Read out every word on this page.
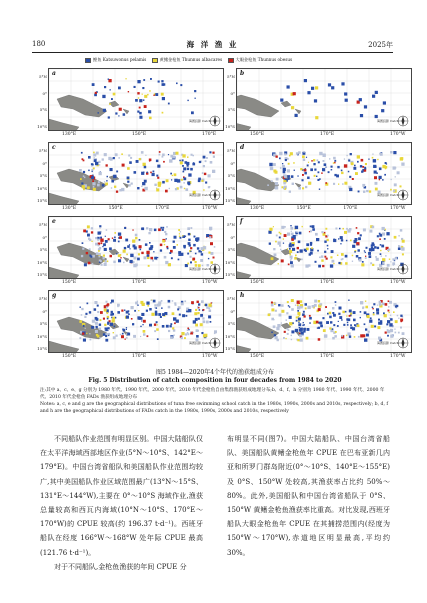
180	海 洋 渔 业	2025年
鲣鱼 Katsuwonus pelamis
	黄鳍金枪鱼 Thunnus albacares
	大眼金枪鱼 Thunnus obesus
a
海图投影 Catch
5°N
0°
5°S
10°S
130°E	150°E	170°E
b
海图投影 Catch
5°N
0°
5°S
10°S
150°E	170°E	170°W
c
海图投影 Catch
5°N
0°
5°S
10°S
15°S
130°E	150°E	170°E	170°W
d
海图投影 Catch
5°N
0°
5°S
10°S
15°S
130°E	150°E	170°E	170°W
e
海图投影 Catch
5°N
0°
5°S
10°S
15°S
150°E	170°E	170°W
f
海图投影 Catch
5°N
0°
5°S
10°S
15°S
150°E	170°E	170°W
g
海图投影 Catch
5°N
0°
5°S
10°S
15°S
150°E	170°E	170°W
h
海图投影 Catch
5°N
0°
5°S
10°S
15°S
150°E	170°E	170°W
图5 1984—2020年4个年代的渔获组成分布
Fig. 5 Distribution of catch composition in four decades from 1984 to 2020
注:其中 a、c、e、g 分别为 1980 年代、1990 年代、2000 年代、2010 年代金枪鱼自由集群渔获组成地理分布;b、d、f、h 分别为 1980 年代、1990 年代、2000 年代、2010 年代金枪鱼 FADs 渔获组成地理分布
Notes: a, c, e and g are the geographical distributions of tuna free swimming school catch in the 1980s, 1990s, 2000s and 2010s, respectively; b, d, f and h are the geographical distributions of FADs catch in the 1980s, 1990s, 2000s and 2010s, respectively

不同船队作业范围有明显区别。中国大陆船队仅在太平洋海域西部地区作业(5°N～10°S、142°E～179°E)。中国台湾省船队和美国船队作业范围均较广,其中美国船队作业区域范围最广(13°N～15°S、131°E～144°W),主要在 0°～10°S 海域作业,渔获总量较高和西瓦内海域(10°N～10°S、170°E～170°W)的 CPUE 较高(约 196.37 t·d⁻¹)。西班牙船队在经度 166°W～168°W 处年际 CPUE 最高(121.76 t·d⁻¹)。

对于不同船队,金枪鱼渔获的年间 CPUE 分

布明显不同(图7)。中国大陆船队、中国台湾省船队、美国船队黄鳍金枪鱼年 CPUE 在巴布亚新几内亚和所罗门群岛附近(0°～10°S、140°E～155°E)及 0°S、150°W 处较高,其渔获率占比约 50%～80%。此外,美国船队和中国台湾省船队于 0°S、150°W 黄鳍金枪鱼渔获率比重高。对比发现,西班牙船队大眼金枪鱼年 CPUE 在其捕捞范围内(经度为 150°W～170°W),赤道地区明显最高,平均约 30%。
